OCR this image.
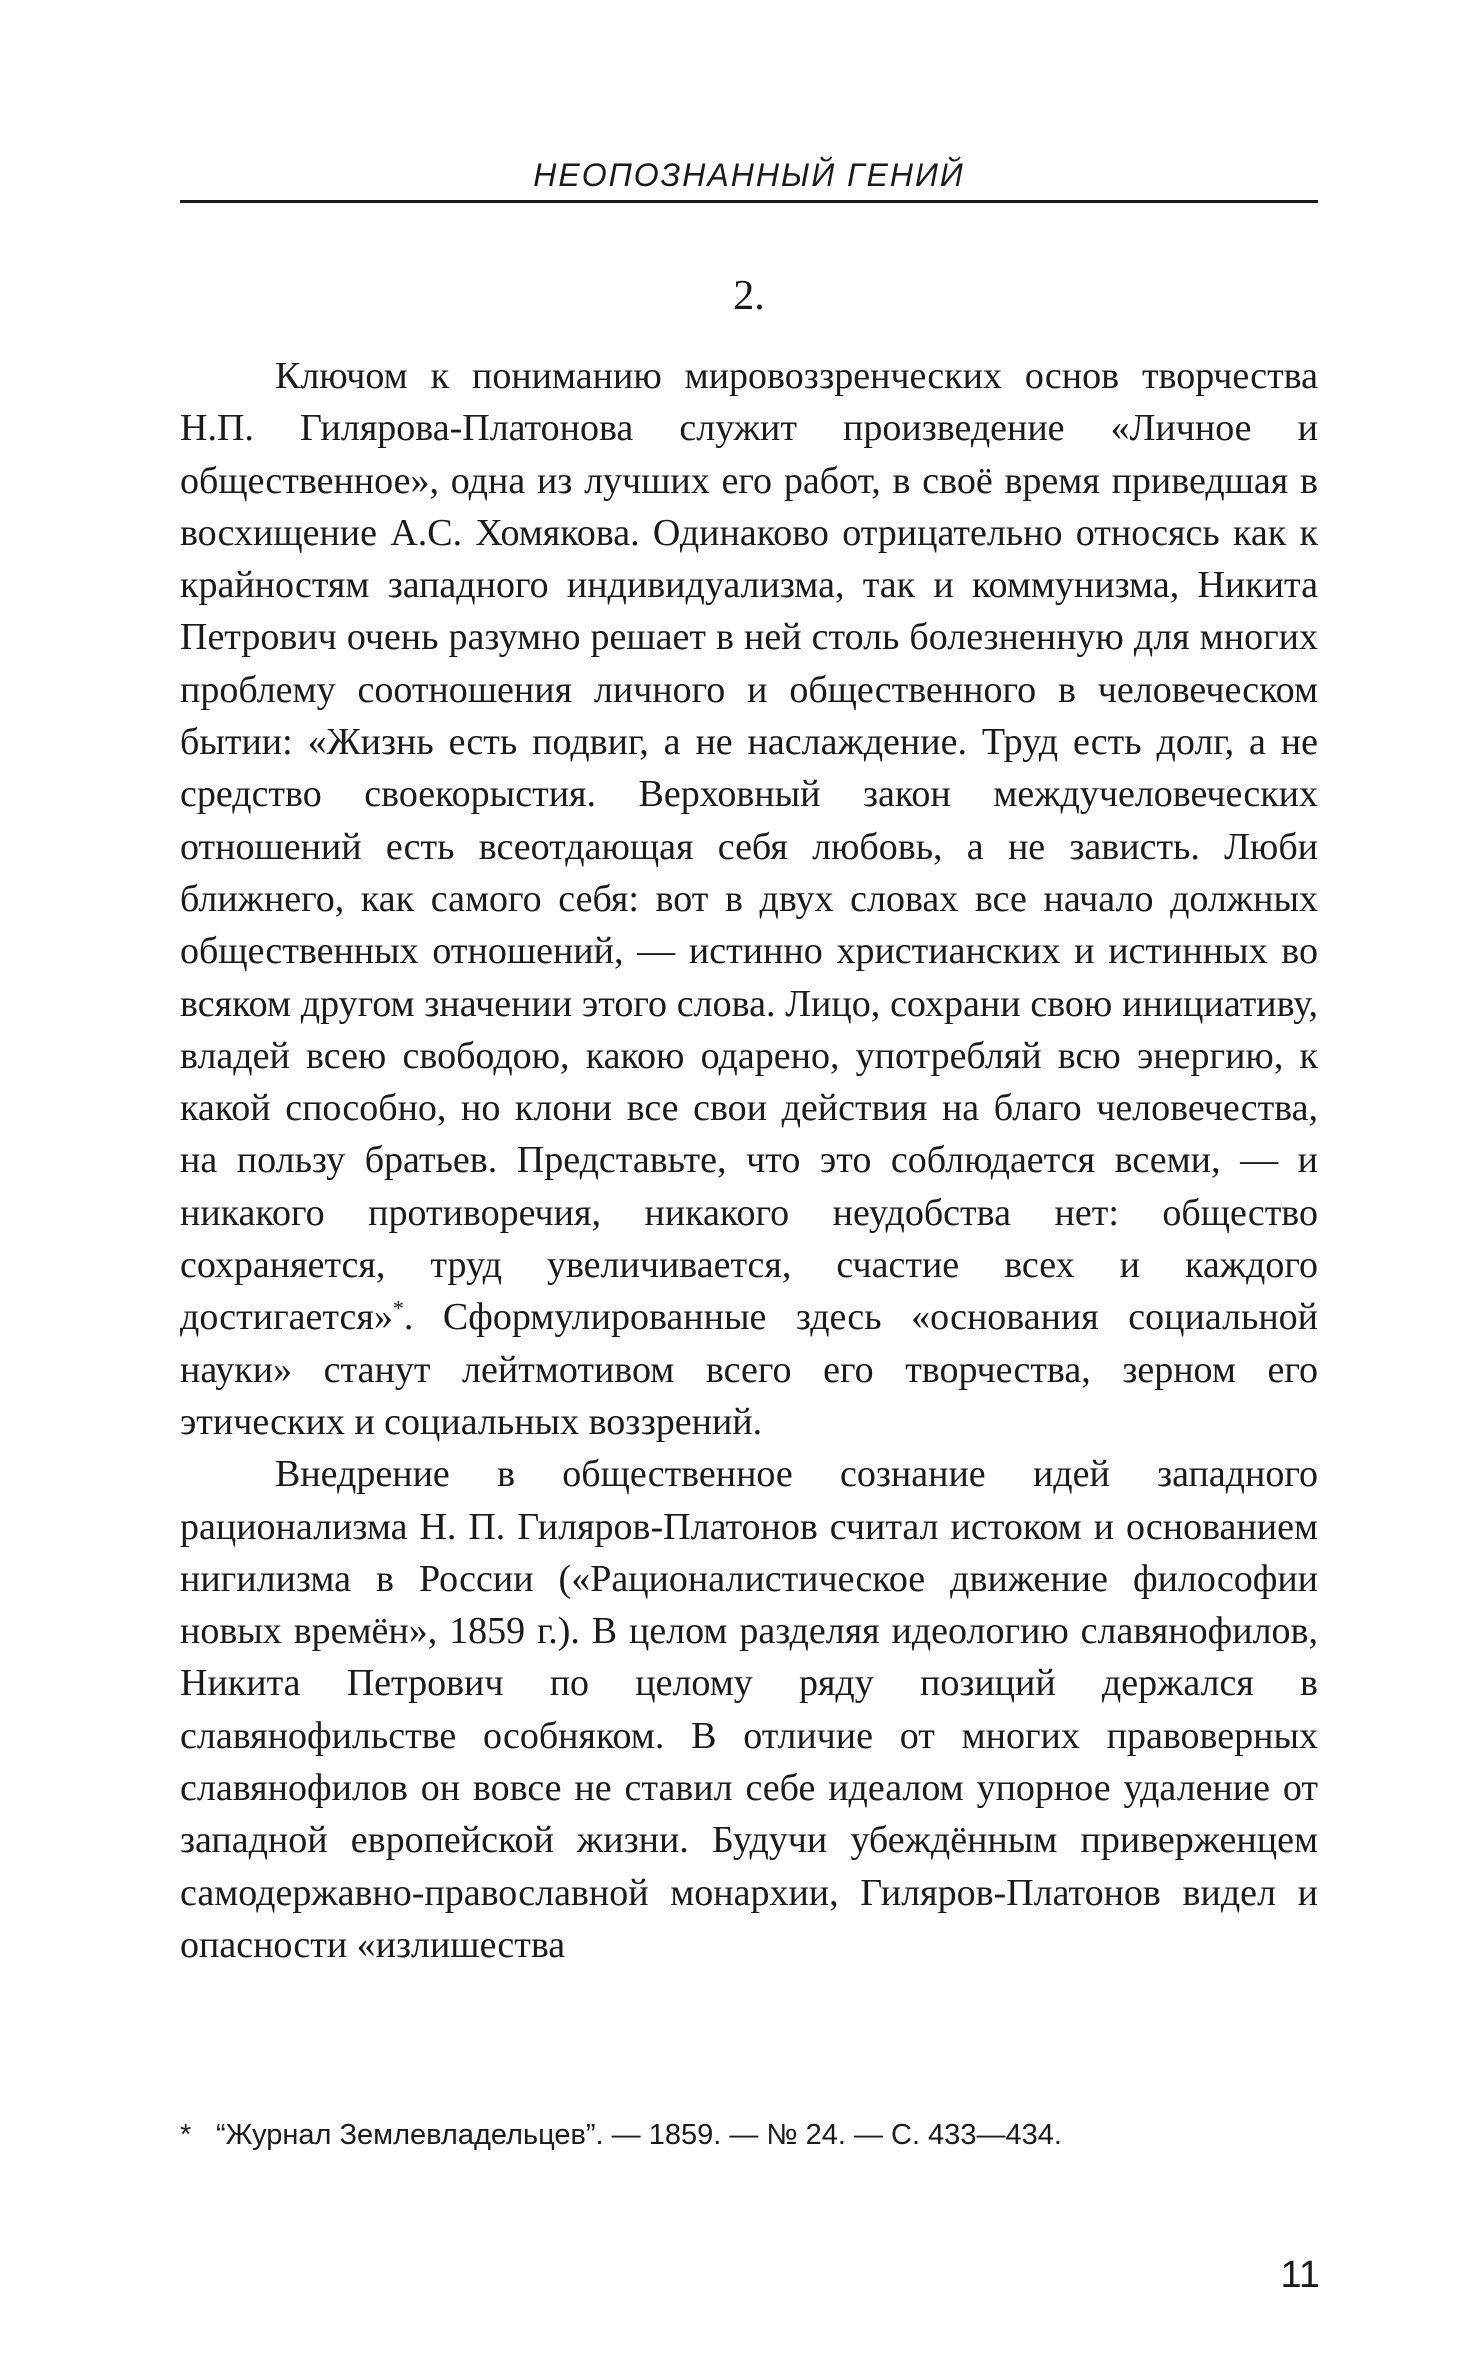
НЕОПОЗНАННЫЙ ГЕНИЙ
2.

Ключом к пониманию мировоззренческих основ творчества Н.П. Гилярова-Платонова служит произведение «Личное и общественное», одна из лучших его работ, в своё время приведшая в восхищение А.С. Хомякова. Одинаково отрицательно относясь как к крайностям западного индивидуализма, так и коммунизма, Никита Петрович очень разумно решает в ней столь болезненную для многих проблему соотношения личного и общественного в человеческом бытии: «Жизнь есть подвиг, а не наслаждение. Труд есть долг, а не средство своекорыстия. Верховный закон междучеловеческих отношений есть всеотдающая себя любовь, а не зависть. Люби ближнего, как самого себя: вот в двух словах все начало должных общественных отношений, — истинно христианских и истинных во всяком другом значении этого слова. Лицо, сохрани свою инициативу, владей всею свободою, какою одарено, употребляй всю энергию, к какой способно, но клони все свои действия на благо человечества, на пользу братьев. Представьте, что это соблюдается всеми, — и никакого противоречия, никакого неудобства нет: общество сохраняется, труд увеличивается, счастие всех и каждого достигается»*. Сформулированные здесь «основания социальной науки» станут лейтмотивом всего его творчества, зерном его этических и социальных воззрений.

Внедрение в общественное сознание идей западного рационализма Н. П. Гиляров-Платонов считал истоком и основанием нигилизма в России («Рационалистическое движение философии новых времён», 1859 г.). В целом разделяя идеологию славянофилов, Никита Петрович по целому ряду позиций держался в славянофильстве особняком. В отличие от многих правоверных славянофилов он вовсе не ставил себе идеалом упорное удаление от западной европейской жизни. Будучи убеждённым приверженцем самодержавно-православной монархии, Гиляров-Платонов видел и опасности «излишества

* “Журнал Землевладельцев”. — 1859. — № 24. — С. 433—434.
11
